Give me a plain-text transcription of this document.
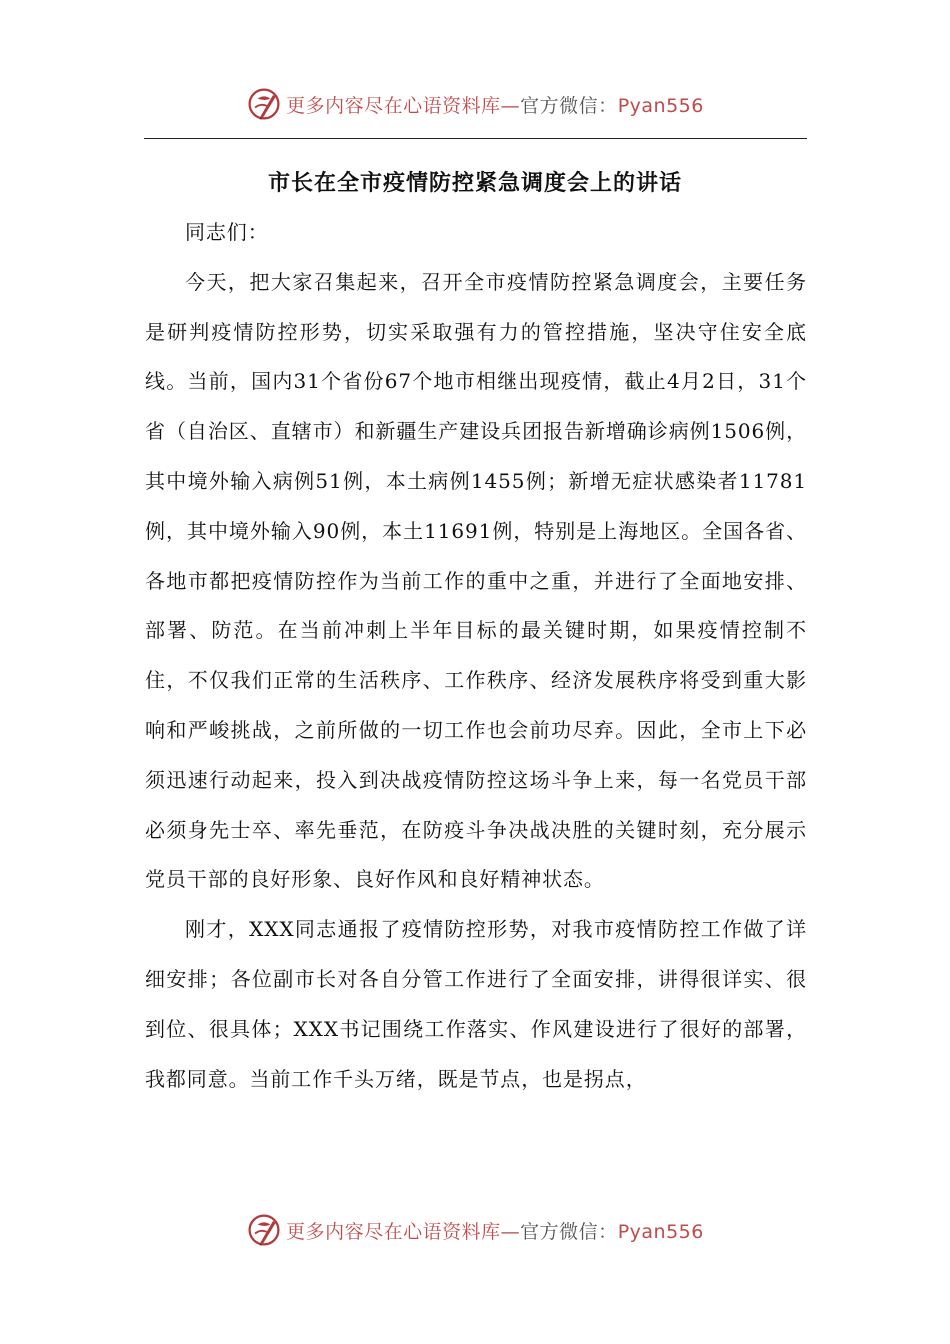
更多内容尽在心语资料库—官方微信：Pyan556
市长在全市疫情防控紧急调度会上的讲话

同志们：

今天，把大家召集起来，召开全市疫情防控紧急调度会，主要任务是研判疫情防控形势，切实采取强有力的管控措施，坚决守住安全底线。当前，国内31个省份67个地市相继出现疫情，截止4月2日，31个省（自治区、直辖市）和新疆生产建设兵团报告新增确诊病例1506例，其中境外输入病例51例，本土病例1455例；新增无症状感染者11781例，其中境外输入90例，本土11691例，特别是上海地区。全国各省、各地市都把疫情防控作为当前工作的重中之重，并进行了全面地安排、部署、防范。在当前冲刺上半年目标的最关键时期，如果疫情控制不住，不仅我们正常的生活秩序、工作秩序、经济发展秩序将受到重大影响和严峻挑战，之前所做的一切工作也会前功尽弃。因此，全市上下必须迅速行动起来，投入到决战疫情防控这场斗争上来，每一名党员干部必须身先士卒、率先垂范，在防疫斗争决战决胜的关键时刻，充分展示党员干部的良好形象、良好作风和良好精神状态。

刚才，XXX同志通报了疫情防控形势，对我市疫情防控工作做了详细安排；各位副市长对各自分管工作进行了全面安排，讲得很详实、很到位、很具体；XXX书记围绕工作落实、作风建设进行了很好的部署，我都同意。当前工作千头万绪，既是节点，也是拐点，

更多内容尽在心语资料库—官方微信：Pyan556
